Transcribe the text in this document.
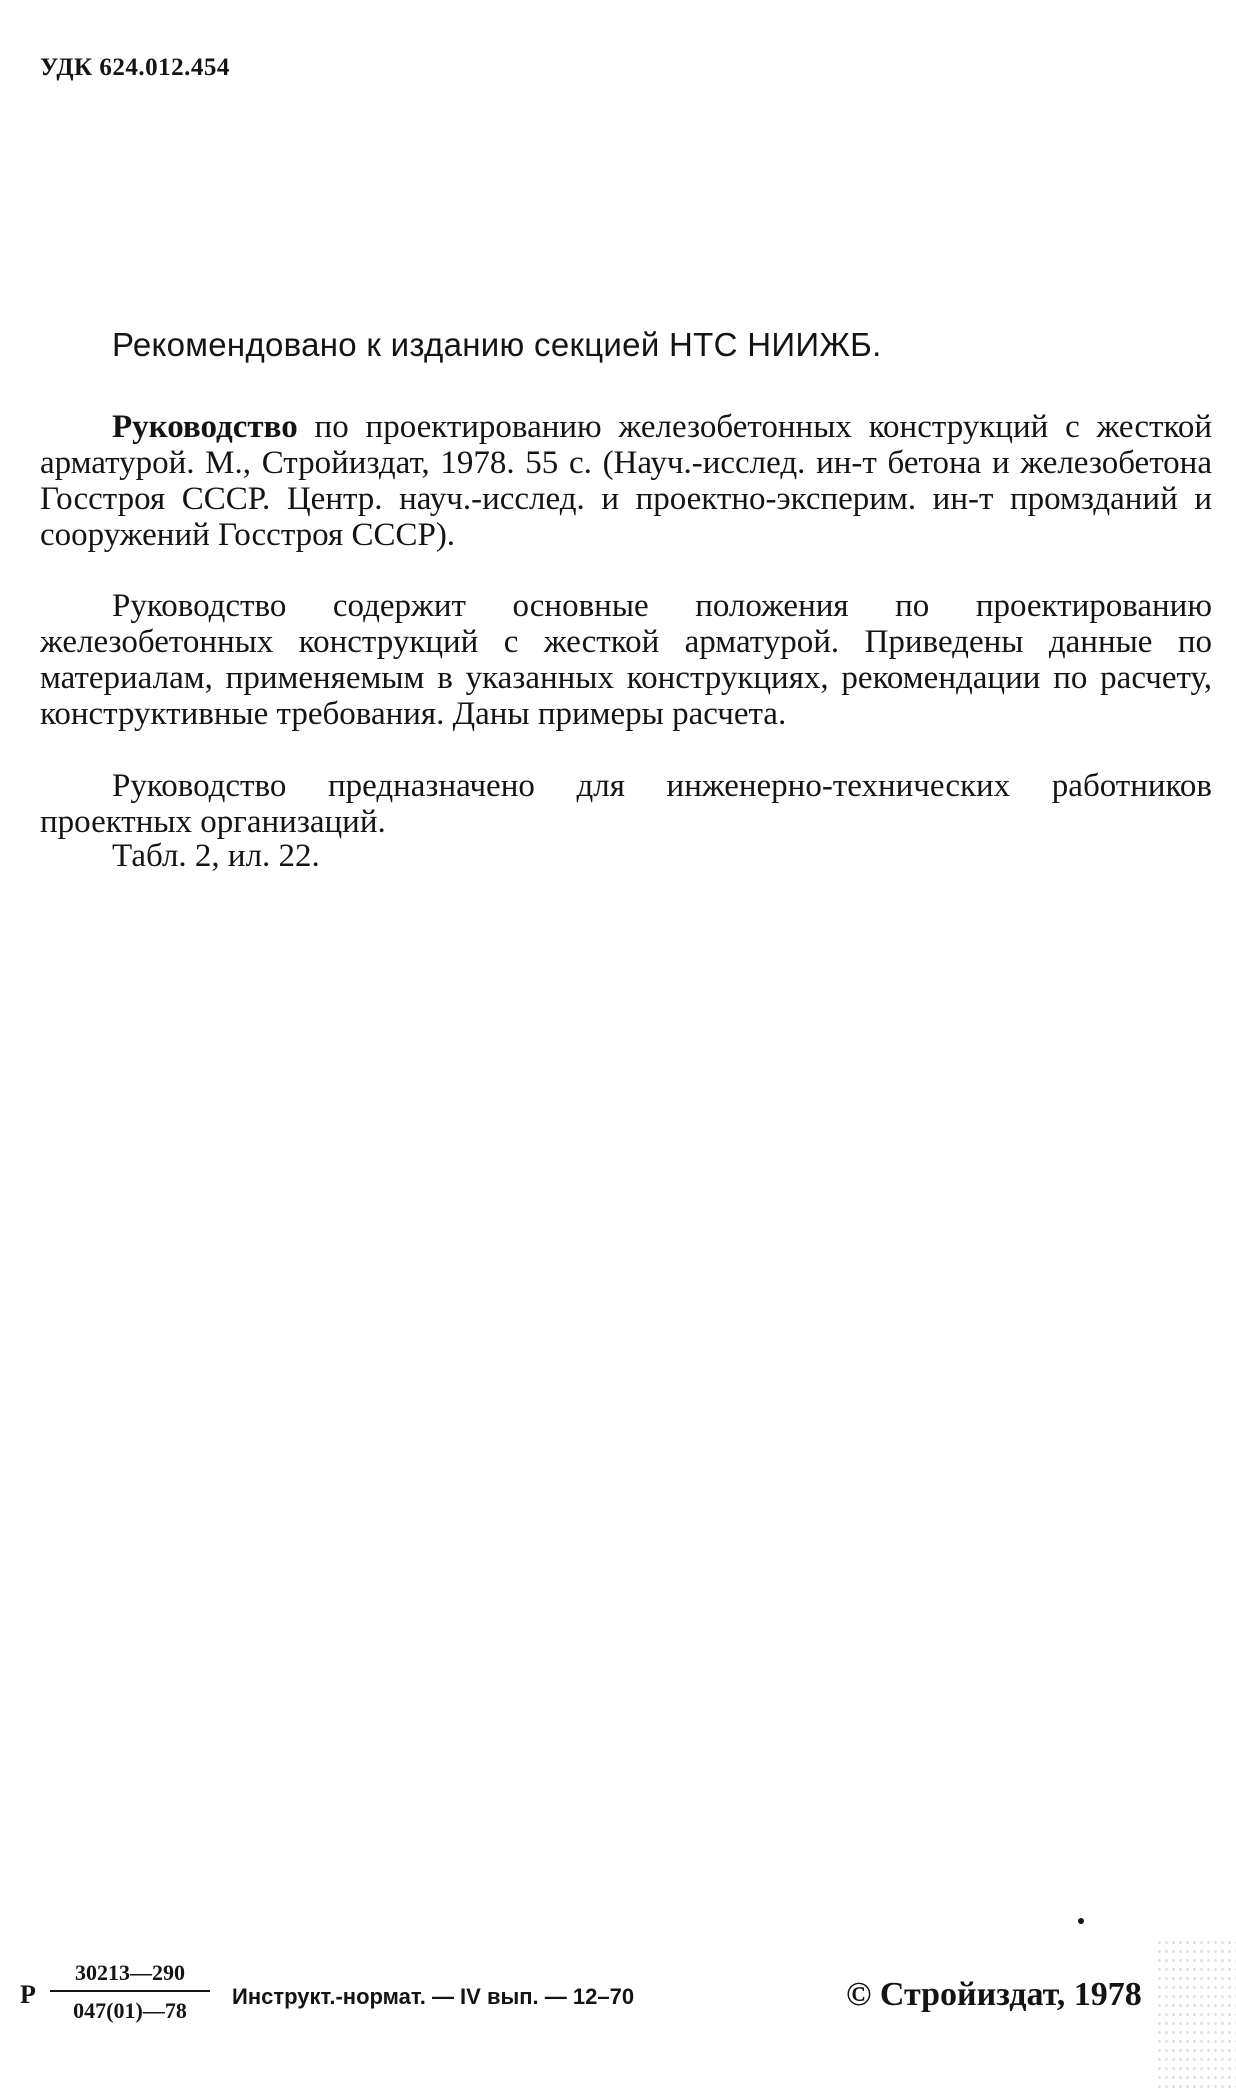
УДК 624.012.454
Рекомендовано к изданию секцией НТС НИИЖБ.
Руководство по проектированию железобетонных конструкций с жесткой арматурой. М., Стройиздат, 1978. 55 с. (Науч.-исслед. ин-т бетона и железобетона Госстроя СССР. Центр. науч.-исслед. и проектно-эксперим. ин-т промзданий и сооружений Госстроя СССР).

Руководство содержит основные положения по проектированию железобетонных конструкций с жесткой арматурой. Приведены данные по материалам, применяемым в указанных конструкциях, рекомендации по расчету, конструктивные требования. Даны примеры расчета.

Руководство предназначено для инженерно-технических работников проектных организаций.

Табл. 2, ил. 22.

Р $\frac{30213—290}{047(01)—78}$ Инструкт.-нормат. — IV вып. — 12–70	© Стройиздат, 1978
